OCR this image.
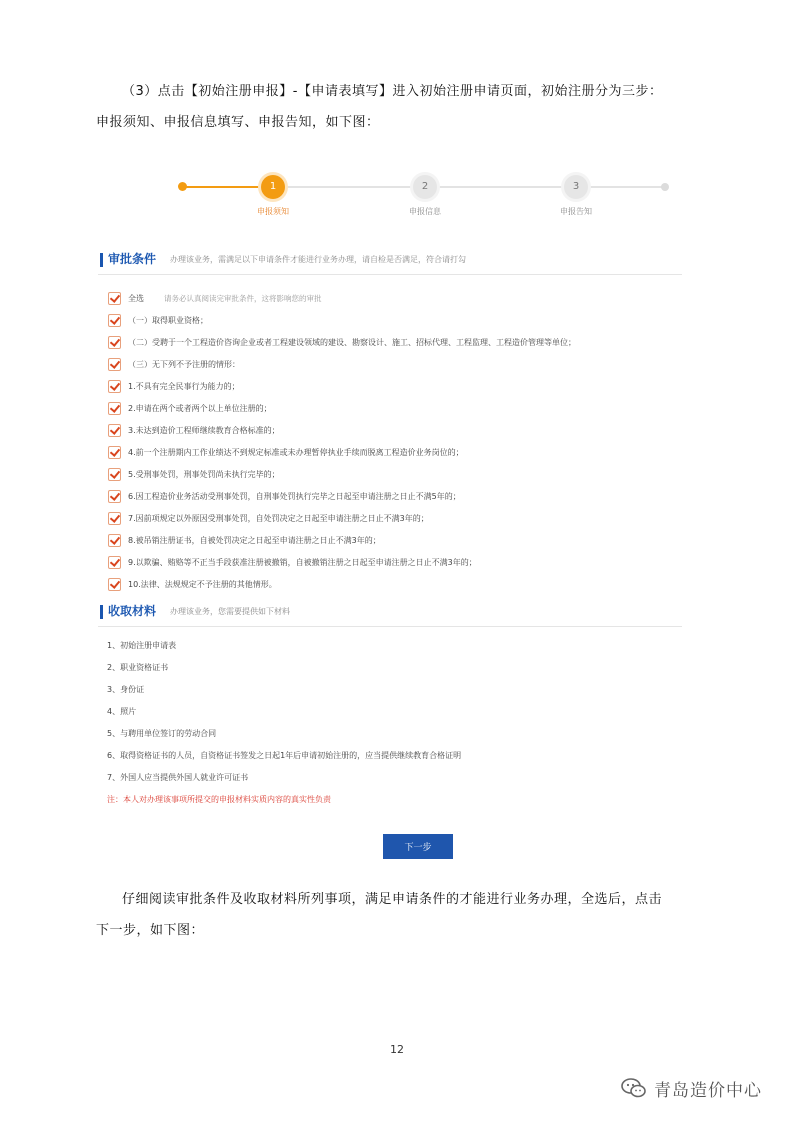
（3）点击【初始注册申报】-【申请表填写】进入初始注册申请页面，初始注册分为三步：
申报须知、申报信息填写、申报告知，如下图：
1
申报须知
2
申报信息
3
申报告知
审批条件 办理该业务，需满足以下申请条件才能进行业务办理，请自检是否满足，符合请打勾
全选	请务必认真阅读完审批条件，这将影响您的审批
（一）取得职业资格；
（二）受聘于一个工程造价咨询企业或者工程建设领域的建设、勘察设计、施工、招标代理、工程监理、工程造价管理等单位；
（三）无下列不予注册的情形：
1.不具有完全民事行为能力的；
2.申请在两个或者两个以上单位注册的；
3.未达到造价工程师继续教育合格标准的；
4.前一个注册期内工作业绩达不到规定标准或未办理暂停执业手续而脱离工程造价业务岗位的；
5.受刑事处罚，刑事处罚尚未执行完毕的；
6.因工程造价业务活动受刑事处罚，自刑事处罚执行完毕之日起至申请注册之日止不满5年的；
7.因前项规定以外原因受刑事处罚，自处罚决定之日起至申请注册之日止不满3年的；
8.被吊销注册证书，自被处罚决定之日起至申请注册之日止不满3年的；
9.以欺骗、贿赂等不正当手段获准注册被撤销，自被撤销注册之日起至申请注册之日止不满3年的；
10.法律、法规规定不予注册的其他情形。
收取材料 办理该业务，您需要提供如下材料
1、初始注册申请表
2、职业资格证书
3、身份证
4、照片
5、与聘用单位签订的劳动合同
6、取得资格证书的人员，自资格证书签发之日起1年后申请初始注册的，应当提供继续教育合格证明
7、外国人应当提供外国人就业许可证书
注：本人对办理该事项所提交的申报材料实质内容的真实性负责
下一步
仔细阅读审批条件及收取材料所列事项，满足申请条件的才能进行业务办理，全选后，点击
下一步，如下图：
12
青岛造价中心
